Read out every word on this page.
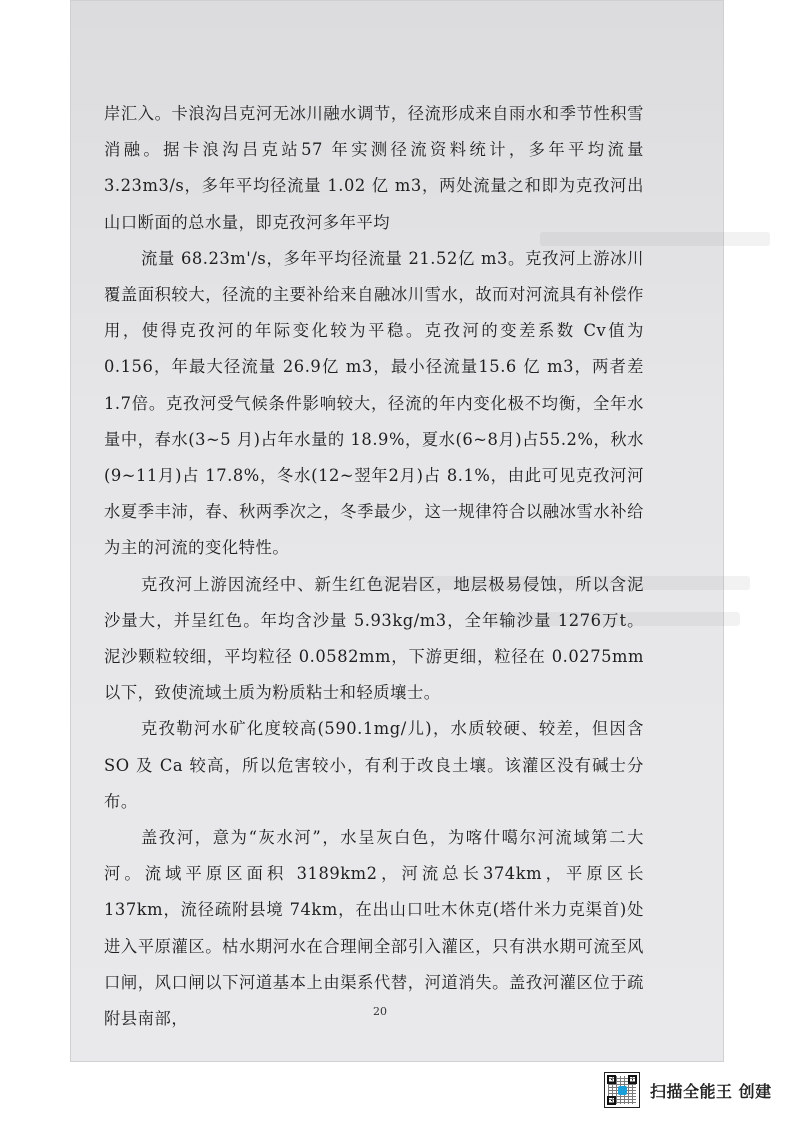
岸汇入。卡浪沟吕克河无冰川融水调节，径流形成来自雨水和季节性积雪消融。据卡浪沟吕克站57 年实测径流资料统计，多年平均流量3.23m3/s，多年平均径流量 1.02 亿 m3，两处流量之和即为克孜河出山口断面的总水量，即克孜河多年平均

流量 68.23m'/s，多年平均径流量 21.52亿 m3。克孜河上游冰川覆盖面积较大，径流的主要补给来自融冰川雪水，故而对河流具有补偿作用，使得克孜河的年际变化较为平稳。克孜河的变差系数 Cv值为0.156，年最大径流量 26.9亿 m3，最小径流量15.6 亿 m3，两者差1.7倍。克孜河受气候条件影响较大，径流的年内变化极不均衡，全年水量中，春水(3~5 月)占年水量的 18.9%，夏水(6~8月)占55.2%，秋水(9~11月)占 17.8%，冬水(12~翌年2月)占 8.1%，由此可见克孜河河水夏季丰沛，春、秋两季次之，冬季最少，这一规律符合以融冰雪水补给为主的河流的变化特性。

克孜河上游因流经中、新生红色泥岩区，地层极易侵蚀，所以含泥沙量大，并呈红色。年均含沙量 5.93kg/m3，全年输沙量 1276万t。泥沙颗粒较细，平均粒径 0.0582mm，下游更细，粒径在 0.0275mm以下，致使流域土质为粉质粘士和轻质壤士。

克孜勒河水矿化度较高(590.1mg/儿)，水质较硬、较差，但因含 SO 及 Ca 较高，所以危害较小，有利于改良土壤。该灌区没有碱士分布。

盖孜河，意为“灰水河”，水呈灰白色，为喀什噶尔河流域第二大河。流域平原区面积 3189km2，河流总长374km，平原区长 137km，流径疏附县境 74km，在出山口吐木休克(塔什米力克渠首)处进入平原灌区。枯水期河水在合理闸全部引入灌区，只有洪水期可流至风口闸，风口闸以下河道基本上由渠系代替，河道消失。盖孜河灌区位于疏附县南部，	20
扫描全能王 创建
